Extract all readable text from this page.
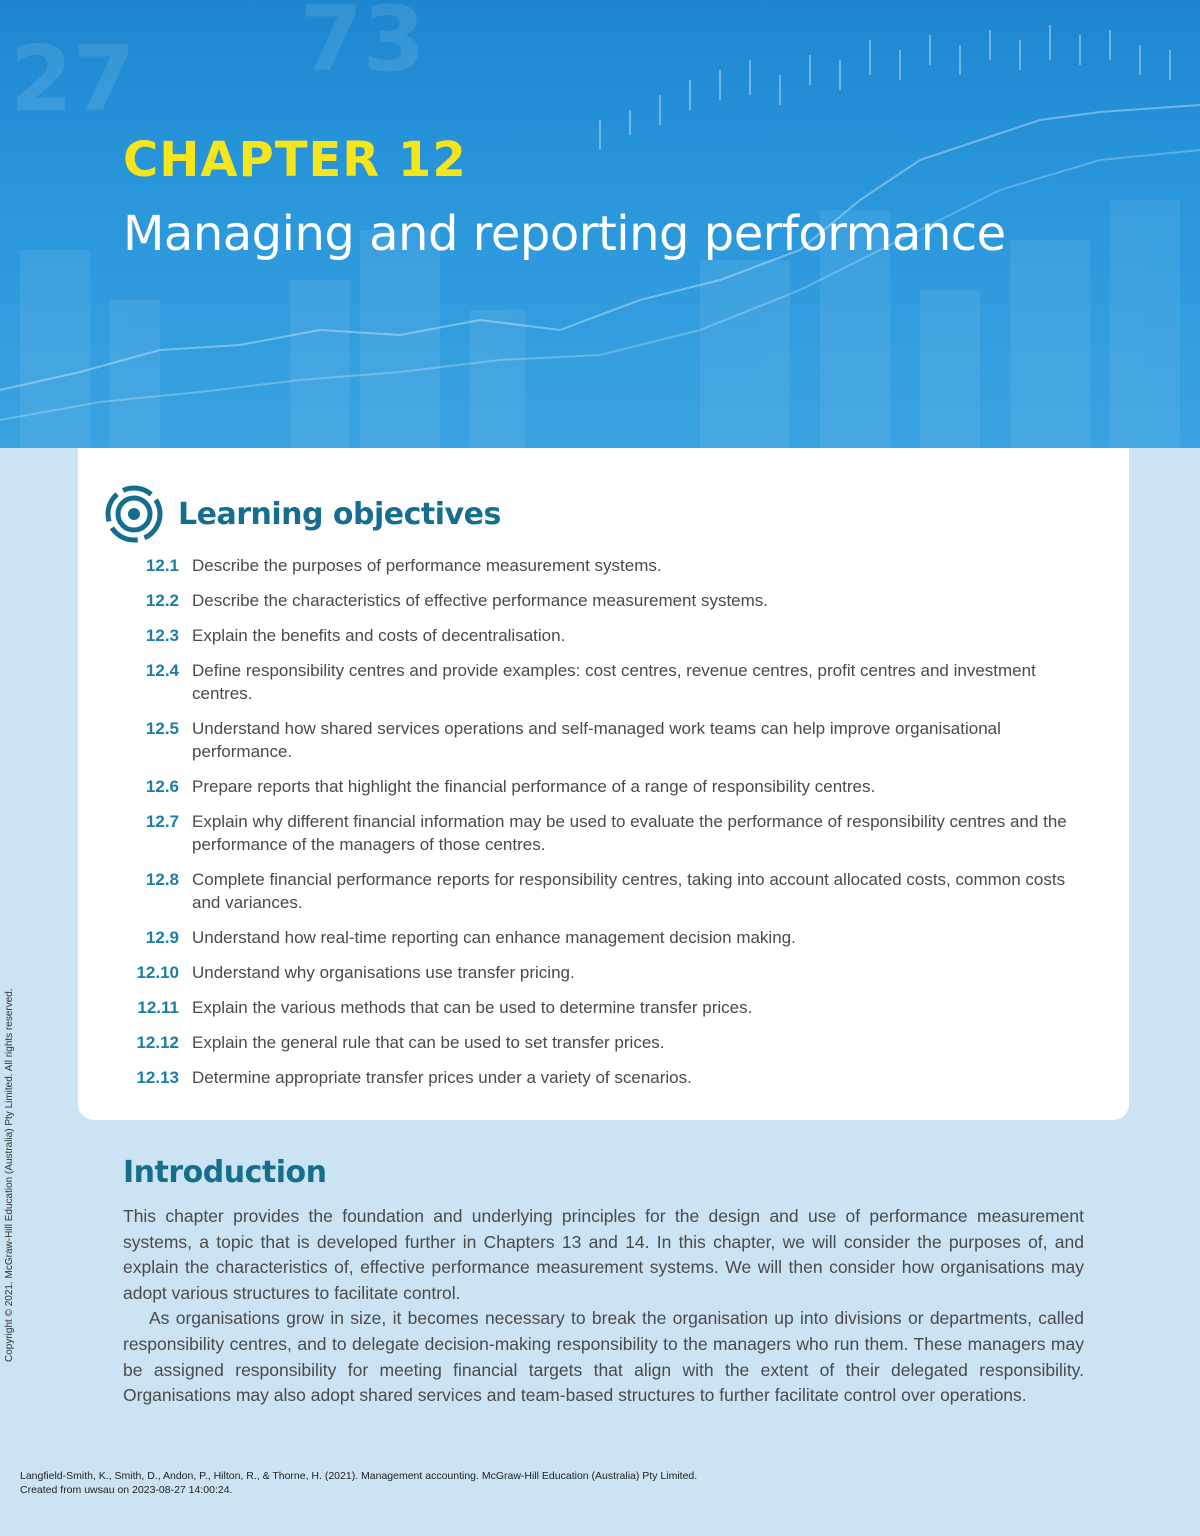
27 73
CHAPTER 12
Managing and reporting performance
Learning objectives
12.1 Describe the purposes of performance measurement systems.
12.2 Describe the characteristics of effective performance measurement systems.
12.3 Explain the benefits and costs of decentralisation.
12.4 Define responsibility centres and provide examples: cost centres, revenue centres, profit centres and investment centres.
12.5 Understand how shared services operations and self-managed work teams can help improve organisational performance.
12.6 Prepare reports that highlight the financial performance of a range of responsibility centres.
12.7 Explain why different financial information may be used to evaluate the performance of responsibility centres and the performance of the managers of those centres.
12.8 Complete financial performance reports for responsibility centres, taking into account allocated costs, common costs and variances.
12.9 Understand how real-time reporting can enhance management decision making.
12.10 Understand why organisations use transfer pricing.
12.11 Explain the various methods that can be used to determine transfer prices.
12.12 Explain the general rule that can be used to set transfer prices.
12.13 Determine appropriate transfer prices under a variety of scenarios.
Introduction

This chapter provides the foundation and underlying principles for the design and use of performance measurement systems, a topic that is developed further in Chapters 13 and 14. In this chapter, we will consider the purposes of, and explain the characteristics of, effective performance measurement systems. We will then consider how organisations may adopt various structures to facilitate control.

As organisations grow in size, it becomes necessary to break the organisation up into divisions or departments, called responsibility centres, and to delegate decision-making responsibility to the managers who run them. These managers may be assigned responsibility for meeting financial targets that align with the extent of their delegated responsibility. Organisations may also adopt shared services and team-based structures to further facilitate control over operations.

Copyright © 2021. McGraw-Hill Education (Australia) Pty Limited. All rights reserved.
Langfield-Smith, K., Smith, D., Andon, P., Hilton, R., & Thorne, H. (2021). Management accounting. McGraw-Hill Education (Australia) Pty Limited.
Created from uwsau on 2023-08-27 14:00:24.
